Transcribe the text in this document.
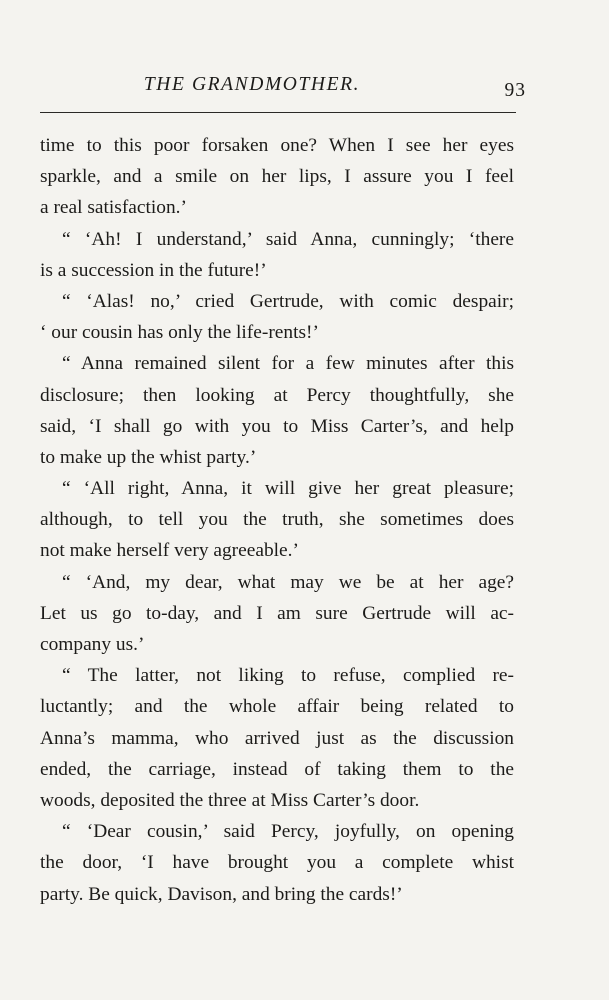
THE GRANDMOTHER.	93
time to this poor forsaken one? When I see her eyes
sparkle, and a smile on her lips, I assure you I feel
a real satisfaction.’
“ ‘Ah! I understand,’ said Anna, cunningly; ‘there
is a succession in the future!’
“ ‘Alas! no,’ cried Gertrude, with comic despair;
‘ our cousin has only the life-rents!’
“ Anna remained silent for a few minutes after this
disclosure; then looking at Percy thoughtfully, she
said, ‘I shall go with you to Miss Carter’s, and help
to make up the whist party.’
“ ‘All right, Anna, it will give her great pleasure;
although, to tell you the truth, she sometimes does
not make herself very agreeable.’
“ ‘And, my dear, what may we be at her age?
Let us go to-day, and I am sure Gertrude will ac-
company us.’
“ The latter, not liking to refuse, complied re-
luctantly; and the whole affair being related to
Anna’s mamma, who arrived just as the discussion
ended, the carriage, instead of taking them to the
woods, deposited the three at Miss Carter’s door.
“ ‘Dear cousin,’ said Percy, joyfully, on opening
the door, ‘I have brought you a complete whist
party. Be quick, Davison, and bring the cards!’
